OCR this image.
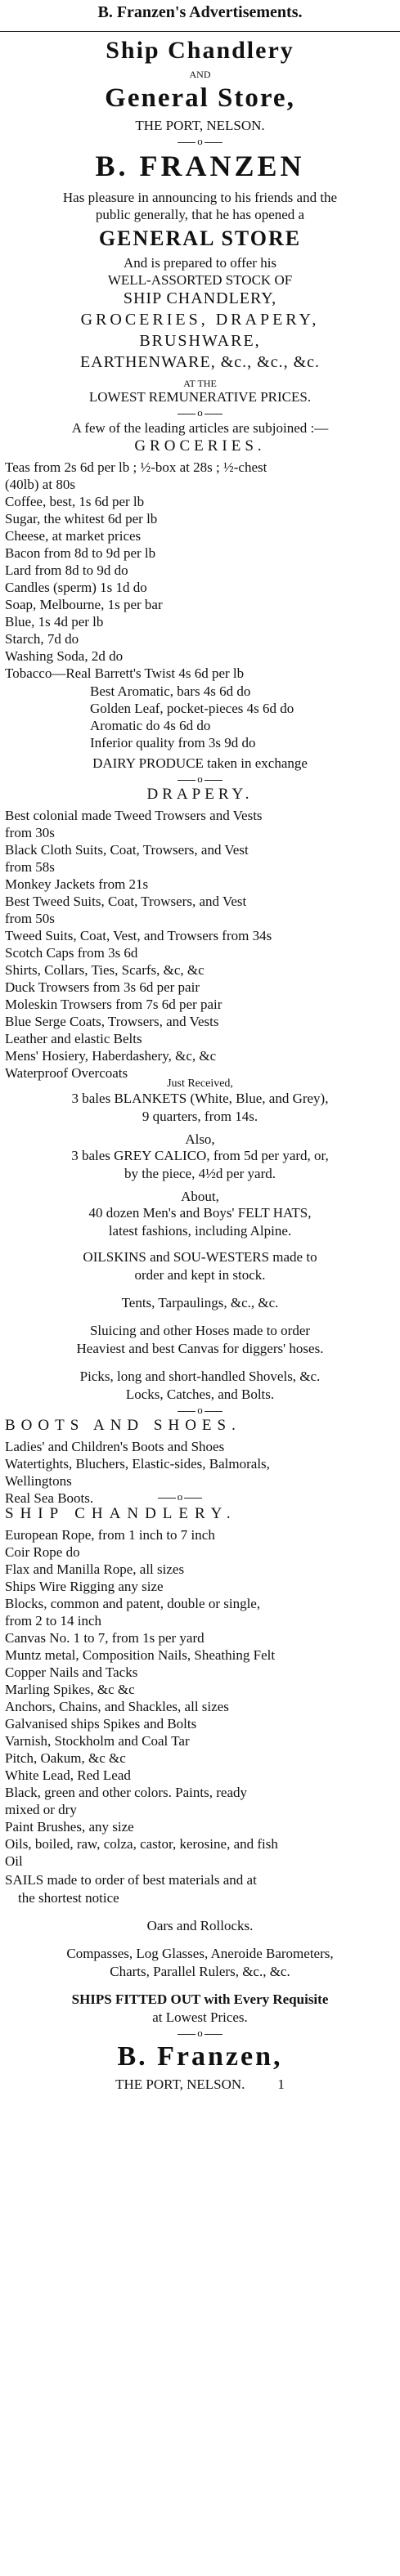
B. Franzen's Advertisements.
Ship Chandlery
AND
General Store,
THE PORT, NELSON.
o
B. FRANZEN
Has pleasure in announcing to his friends and the
public generally, that he has opened a
GENERAL STORE
And is prepared to offer his
WELL-ASSORTED STOCK OF
SHIP CHANDLERY,
GROCERIES, DRAPERY,
BRUSHWARE,
EARTHENWARE, &c., &c., &c.
AT THE
LOWEST REMUNERATIVE PRICES.
o
A few of the leading articles are subjoined :—
GROCERIES.
Teas from 2s 6d per lb ; ½-box at 28s ; ½-chest
(40lb) at 80s
Coffee, best, 1s 6d per lb
Sugar, the whitest 6d per lb
Cheese, at market prices
Bacon from 8d to 9d per lb
Lard from 8d to 9d do
Candles (sperm) 1s 1d do
Soap, Melbourne, 1s per bar
Blue, 1s 4d per lb
Starch, 7d do
Washing Soda, 2d do
Tobacco—Real Barrett's Twist 4s 6d per lb
Best Aromatic, bars 4s 6d do
Golden Leaf, pocket-pieces 4s 6d do
Aromatic do 4s 6d do
Inferior quality from 3s 9d do
DAIRY PRODUCE taken in exchange
o
DRAPERY.
Best colonial made Tweed Trowsers and Vests
from 30s
Black Cloth Suits, Coat, Trowsers, and Vest
from 58s
Monkey Jackets from 21s
Best Tweed Suits, Coat, Trowsers, and Vest
from 50s
Tweed Suits, Coat, Vest, and Trowsers from 34s
Scotch Caps from 3s 6d
Shirts, Collars, Ties, Scarfs, &c, &c
Duck Trowsers from 3s 6d per pair
Moleskin Trowsers from 7s 6d per pair
Blue Serge Coats, Trowsers, and Vests
Leather and elastic Belts
Mens' Hosiery, Haberdashery, &c, &c
Waterproof Overcoats
Just Received,
3 bales BLANKETS (White, Blue, and Grey),
9 quarters, from 14s.
Also,
3 bales GREY CALICO, from 5d per yard, or,
by the piece, 4½d per yard.
About,
40 dozen Men's and Boys' FELT HATS,
latest fashions, including Alpine.
OILSKINS and SOU-WESTERS made to
order and kept in stock.
Tents, Tarpaulings, &c., &c.
Sluicing and other Hoses made to order
Heaviest and best Canvas for diggers' hoses.
Picks, long and short-handled Shovels, &c.
Locks, Catches, and Bolts.
o
BOOTS AND SHOES.
Ladies' and Children's Boots and Shoes
Watertights, Bluchers, Elastic-sides, Balmorals,
Wellingtons
Real Sea Boots.	o
SHIP CHANDLERY.
European Rope, from 1 inch to 7 inch
Coir Rope do
Flax and Manilla Rope, all sizes
Ships Wire Rigging any size
Blocks, common and patent, double or single,
from 2 to 14 inch
Canvas No. 1 to 7, from 1s per yard
Muntz metal, Composition Nails, Sheathing Felt
Copper Nails and Tacks
Marling Spikes, &c &c
Anchors, Chains, and Shackles, all sizes
Galvanised ships Spikes and Bolts
Varnish, Stockholm and Coal Tar
Pitch, Oakum, &c &c
White Lead, Red Lead
Black, green and other colors. Paints, ready
mixed or dry
Paint Brushes, any size
Oils, boiled, raw, colza, castor, kerosine, and fish
Oil
SAILS made to order of best materials and at
the shortest notice
Oars and Rollocks.
Compasses, Log Glasses, Aneroide Barometers,
Charts, Parallel Rulers, &c., &c.
SHIPS FITTED OUT with Every Requisite
at Lowest Prices.
o
B. Franzen,
THE PORT, NELSON. 1
